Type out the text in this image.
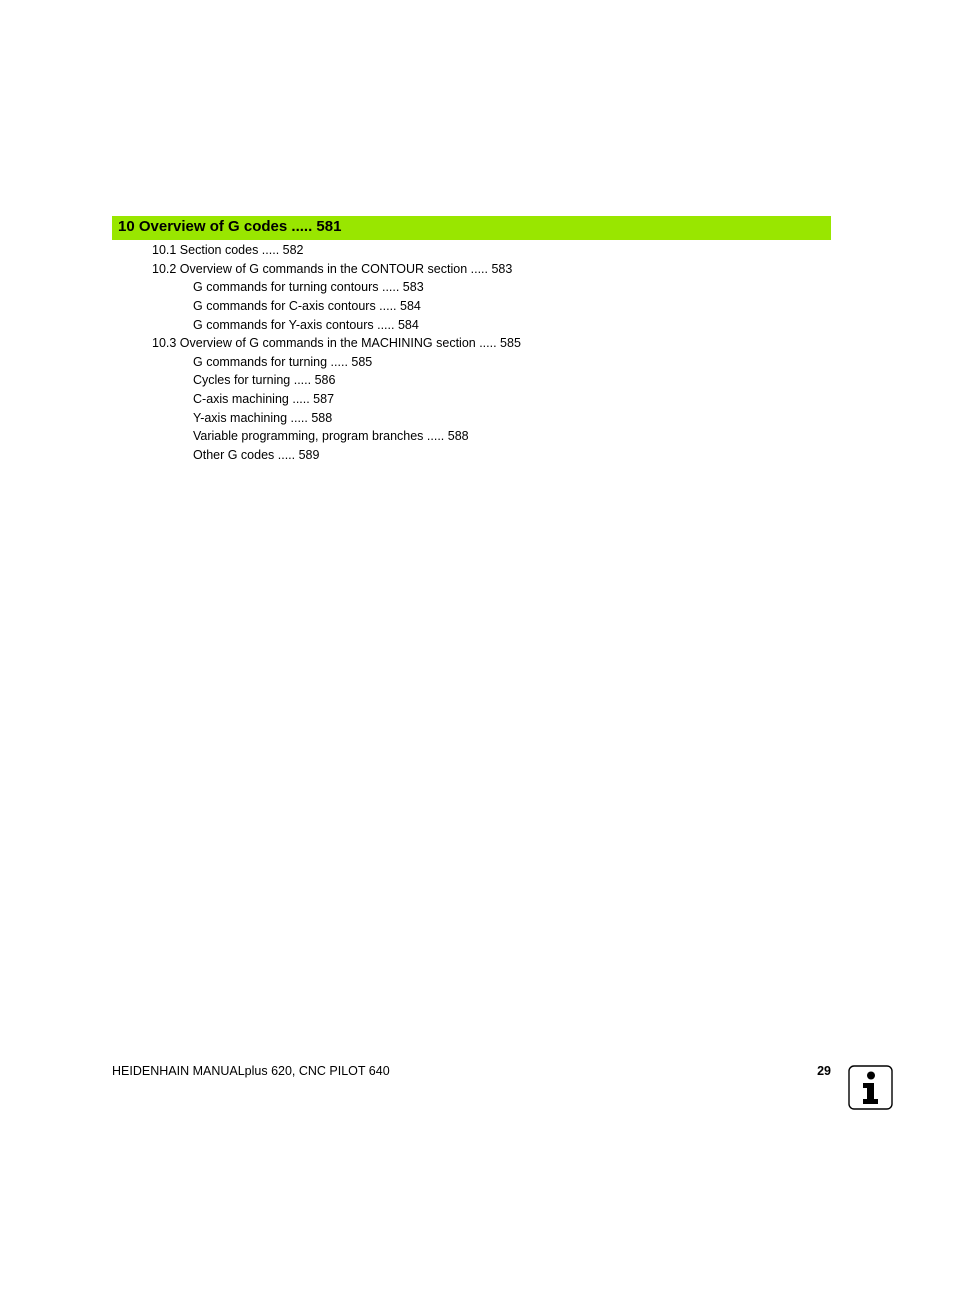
10 Overview of G codes ..... 581
10.1 Section codes ..... 582
10.2 Overview of G commands in the CONTOUR section ..... 583
G commands for turning contours ..... 583
G commands for C-axis contours ..... 584
G commands for Y-axis contours ..... 584
10.3 Overview of G commands in the MACHINING section ..... 585
G commands for turning ..... 585
Cycles for turning ..... 586
C-axis machining ..... 587
Y-axis machining ..... 588
Variable programming, program branches ..... 588
Other G codes ..... 589
HEIDENHAIN MANUALplus 620, CNC PILOT 640	29
